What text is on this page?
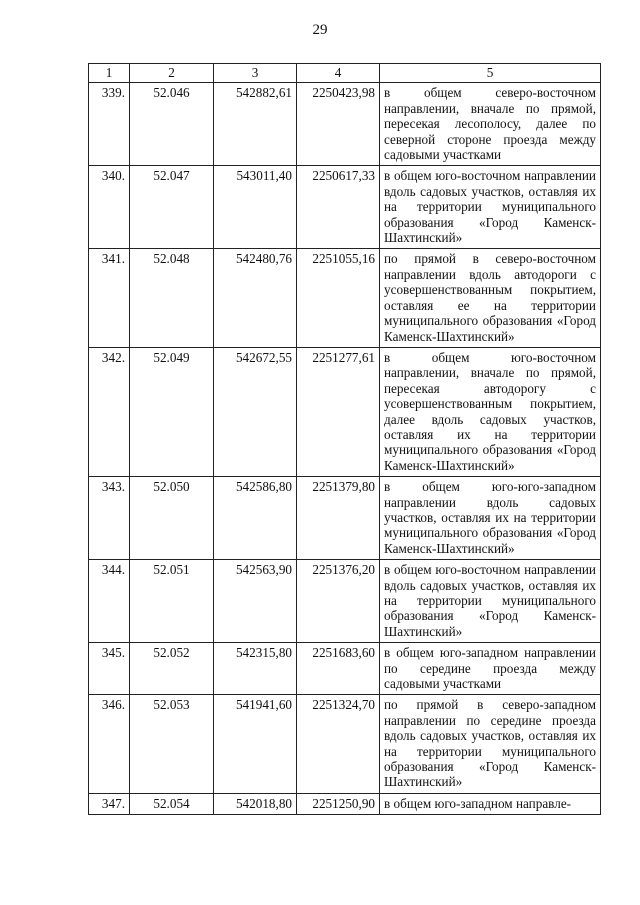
29
1	2	3	4	5
339.	52.046	542882,61	2250423,98	в общем северо-восточном направлении, вначале по прямой, пересекая лесополосу, далее по северной стороне проезда между садовыми участками
340.	52.047	543011,40	2250617,33	в общем юго-восточном направлении вдоль садовых участков, оставляя их на территории муниципального образования «Город Каменск-Шахтинский»
341.	52.048	542480,76	2251055,16	по прямой в северо-восточном направлении вдоль автодороги с усовершенствованным покрытием, оставляя ее на территории муниципального образования «Город Каменск-Шахтинский»
342.	52.049	542672,55	2251277,61	в общем юго-восточном направлении, вначале по прямой, пересекая автодорогу с усовершенствованным покрытием, далее вдоль садовых участков, оставляя их на территории муниципального образования «Город Каменск-Шахтинский»
343.	52.050	542586,80	2251379,80	в общем юго-юго-западном направлении вдоль садовых участков, оставляя их на территории муниципального образования «Город Каменск-Шахтинский»
344.	52.051	542563,90	2251376,20	в общем юго-восточном направлении вдоль садовых участков, оставляя их на территории муниципального образования «Город Каменск-Шахтинский»
345.	52.052	542315,80	2251683,60	в общем юго-западном направлении по середине проезда между садовыми участками
346.	52.053	541941,60	2251324,70	по прямой в северо-западном направлении по середине проезда вдоль садовых участков, оставляя их на территории муниципального образования «Город Каменск-Шахтинский»
347.	52.054	542018,80	2251250,90	в общем юго-западном направле-
